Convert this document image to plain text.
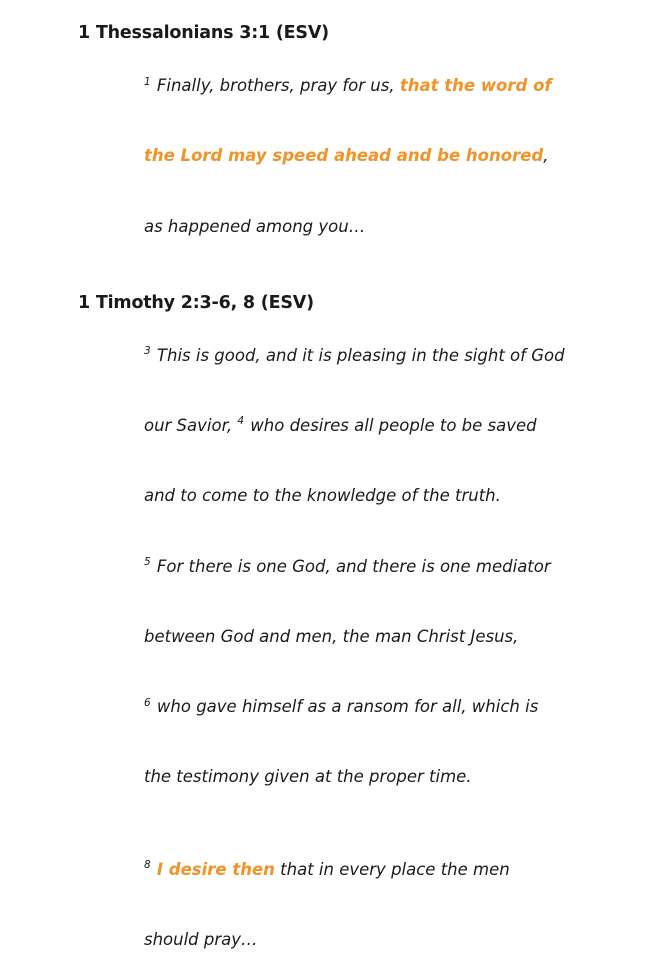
1 Thessalonians 3:1 (ESV)

$^1$ Finally, brothers, pray for us, that the word of

the Lord may speed ahead and be honored,

as happened among you…

1 Timothy 2:3-6, 8 (ESV)

$^3$ This is good, and it is pleasing in the sight of God

our Savior, $^4$ who desires all people to be saved

and to come to the knowledge of the truth.

$^5$ For there is one God, and there is one mediator

between God and men, the man Christ Jesus,

$^6$ who gave himself as a ransom for all, which is

the testimony given at the proper time.

$^8$ I desire then that in every place the men

should pray…
